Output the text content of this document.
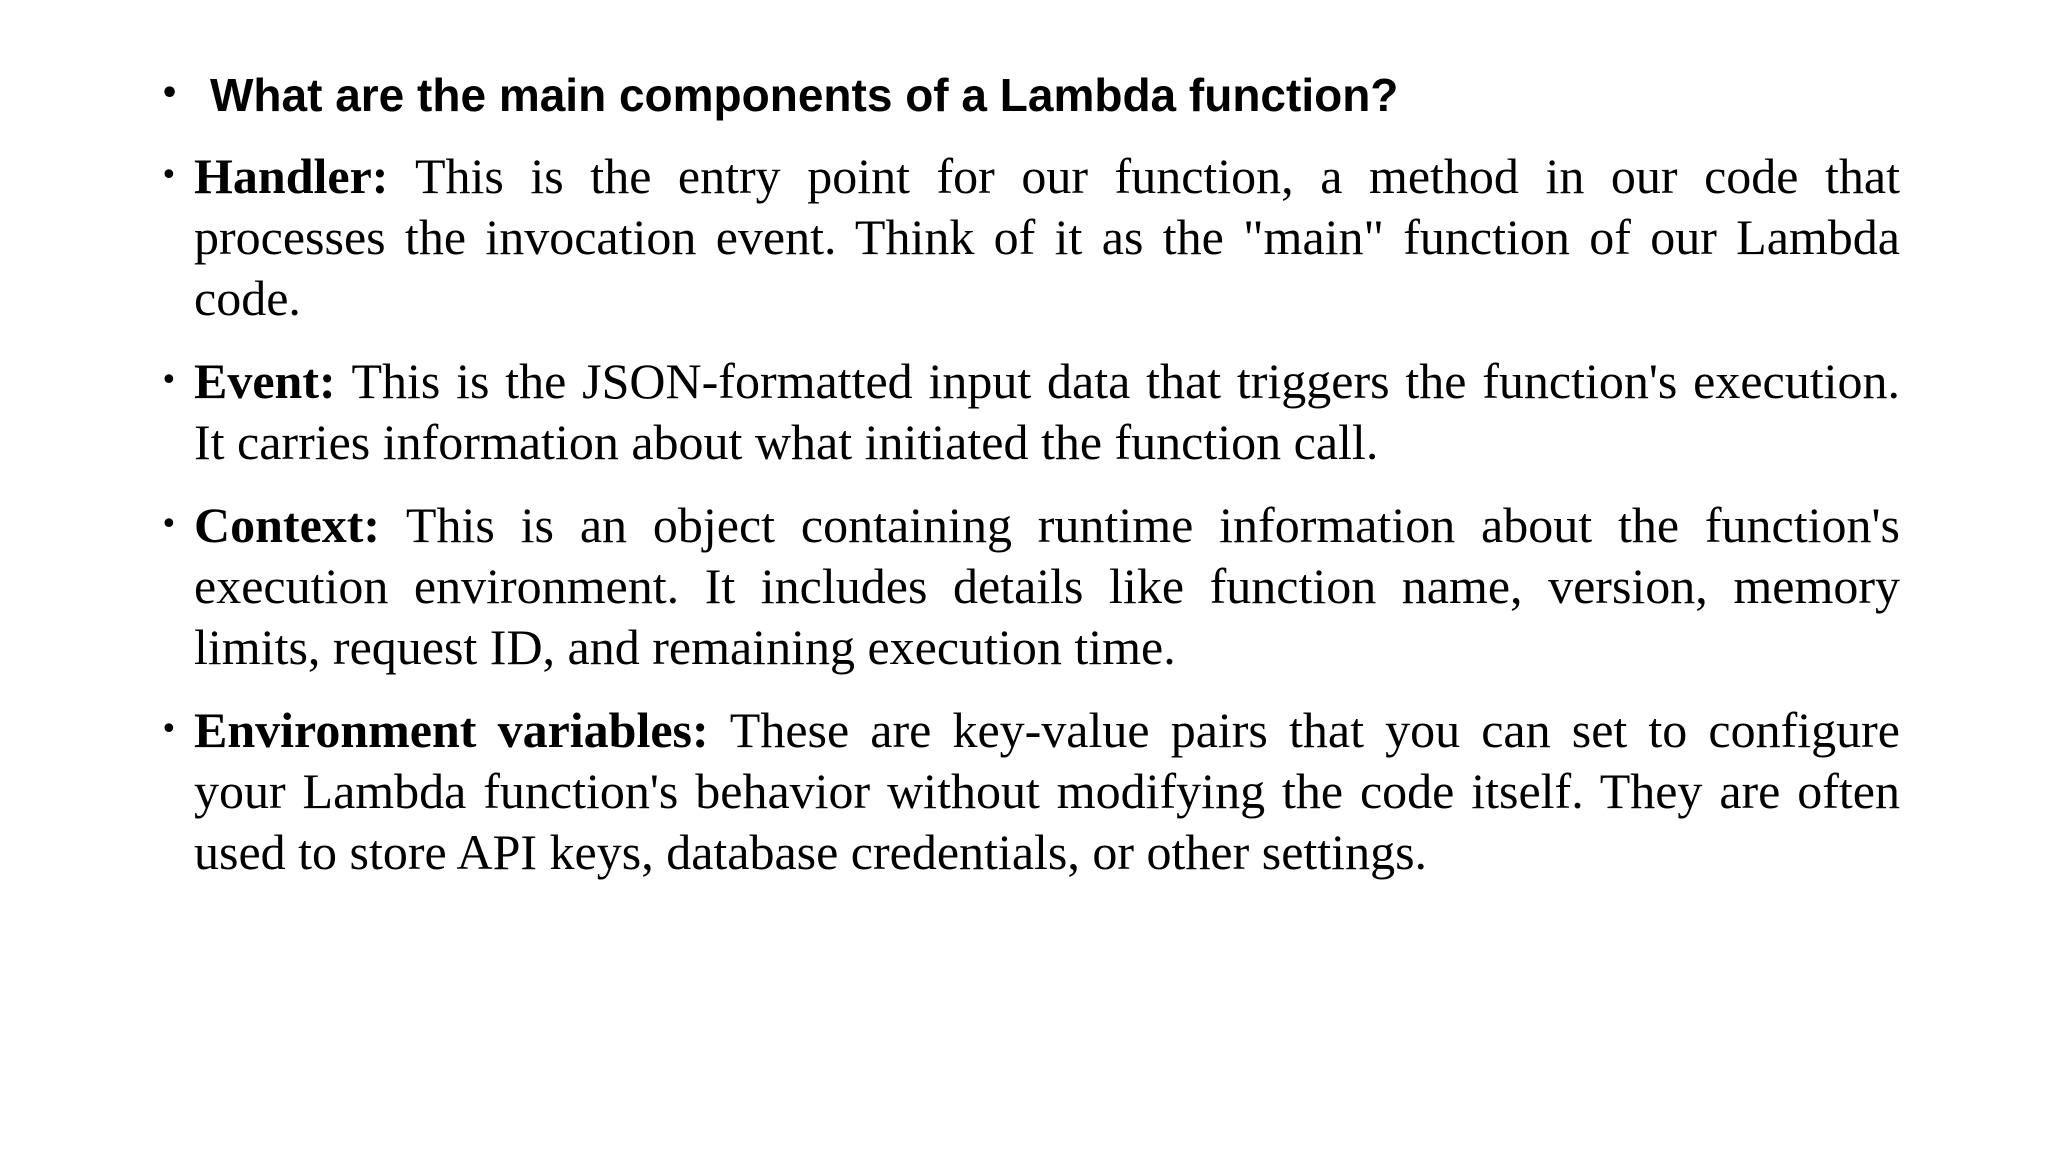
• What are the main components of a Lambda function?
• Handler: This is the entry point for our function, a method in our code that processes the invocation event. Think of it as the "main" function of our Lambda code.
• Event: This is the JSON-formatted input data that triggers the function's execution. It carries information about what initiated the function call.
• Context: This is an object containing runtime information about the function's execution environment. It includes details like function name, version, memory limits, request ID, and remaining execution time.
• Environment variables: These are key-value pairs that you can set to configure your Lambda function's behavior without modifying the code itself. They are often used to store API keys, database credentials, or other settings.
